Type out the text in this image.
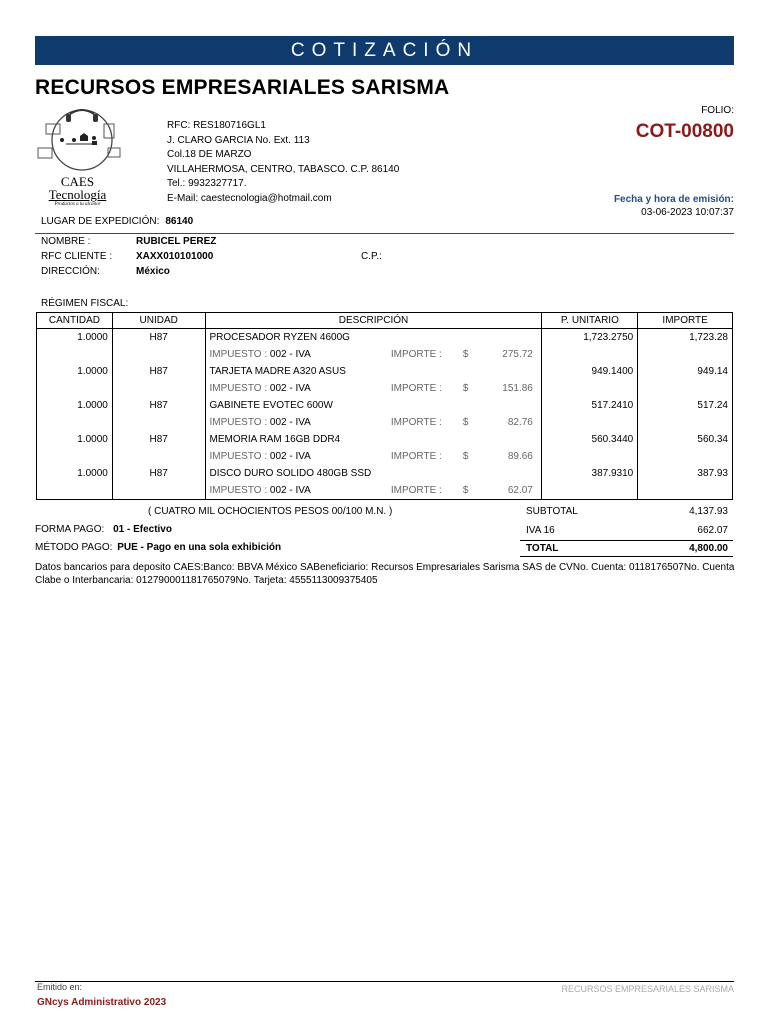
COTIZACIÓN
RECURSOS EMPRESARIALES SARISMA
CAES
Tecnología
Productos a tu alcance
RFC: RES180716GL1
J. CLARO GARCIA No. Ext. 113
Col.18 DE MARZO
VILLAHERMOSA, CENTRO, TABASCO. C.P. 86140
Tel.: 9932327717.
E-Mail: caestecnologia@hotmail.com
FOLIO:
COT-00800
Fecha y hora de emisión:
03-06-2023 10:07:37
LUGAR DE EXPEDICIÓN: 86140
NOMBRE :	RUBICEL PEREZ
RFC CLIENTE : XAXX010101000	C.P.:
DIRECCIÓN:	México
RÉGIMEN FISCAL:
CANTIDAD	UNIDAD	DESCRIPCIÓN	P. UNITARIO	IMPORTE
1.0000	H87	PROCESADOR RYZEN 4600G	1,723.2750	1,723.28
		IMPUESTO : 002 - IVA IMPORTE : $ 275.72		
1.0000	H87	TARJETA MADRE A320 ASUS	949.1400	949.14
		IMPUESTO : 002 - IVA IMPORTE : $ 151.86		
1.0000	H87	GABINETE EVOTEC 600W	517.2410	517.24
		IMPUESTO : 002 - IVA IMPORTE : $ 82.76		
1.0000	H87	MEMORIA RAM 16GB DDR4	560.3440	560.34
		IMPUESTO : 002 - IVA IMPORTE : $ 89.66		
1.0000	H87	DISCO DURO SOLIDO 480GB SSD	387.9310	387.93
		IMPUESTO : 002 - IVA IMPORTE : $ 62.07		
( CUATRO MIL OCHOCIENTOS PESOS 00/100 M.N. )	SUBTOTAL	4,137.93
IVA 16	662.07
TOTAL	4,800.00
FORMA PAGO: 01 - Efectivo
MÉTODO PAGO: PUE - Pago en una sola exhibición
Datos bancarios para deposito CAES:Banco: BBVA México SABeneficiario: Recursos Empresariales Sarisma SAS de CVNo. Cuenta: 0118176507No. Cuenta Clabe o Interbancaria: 012790001181765079No. Tarjeta: 4555113009375405
Emitido en:
GNcys Administrativo 2023
RECURSOS EMPRESARIALES SARISMA
